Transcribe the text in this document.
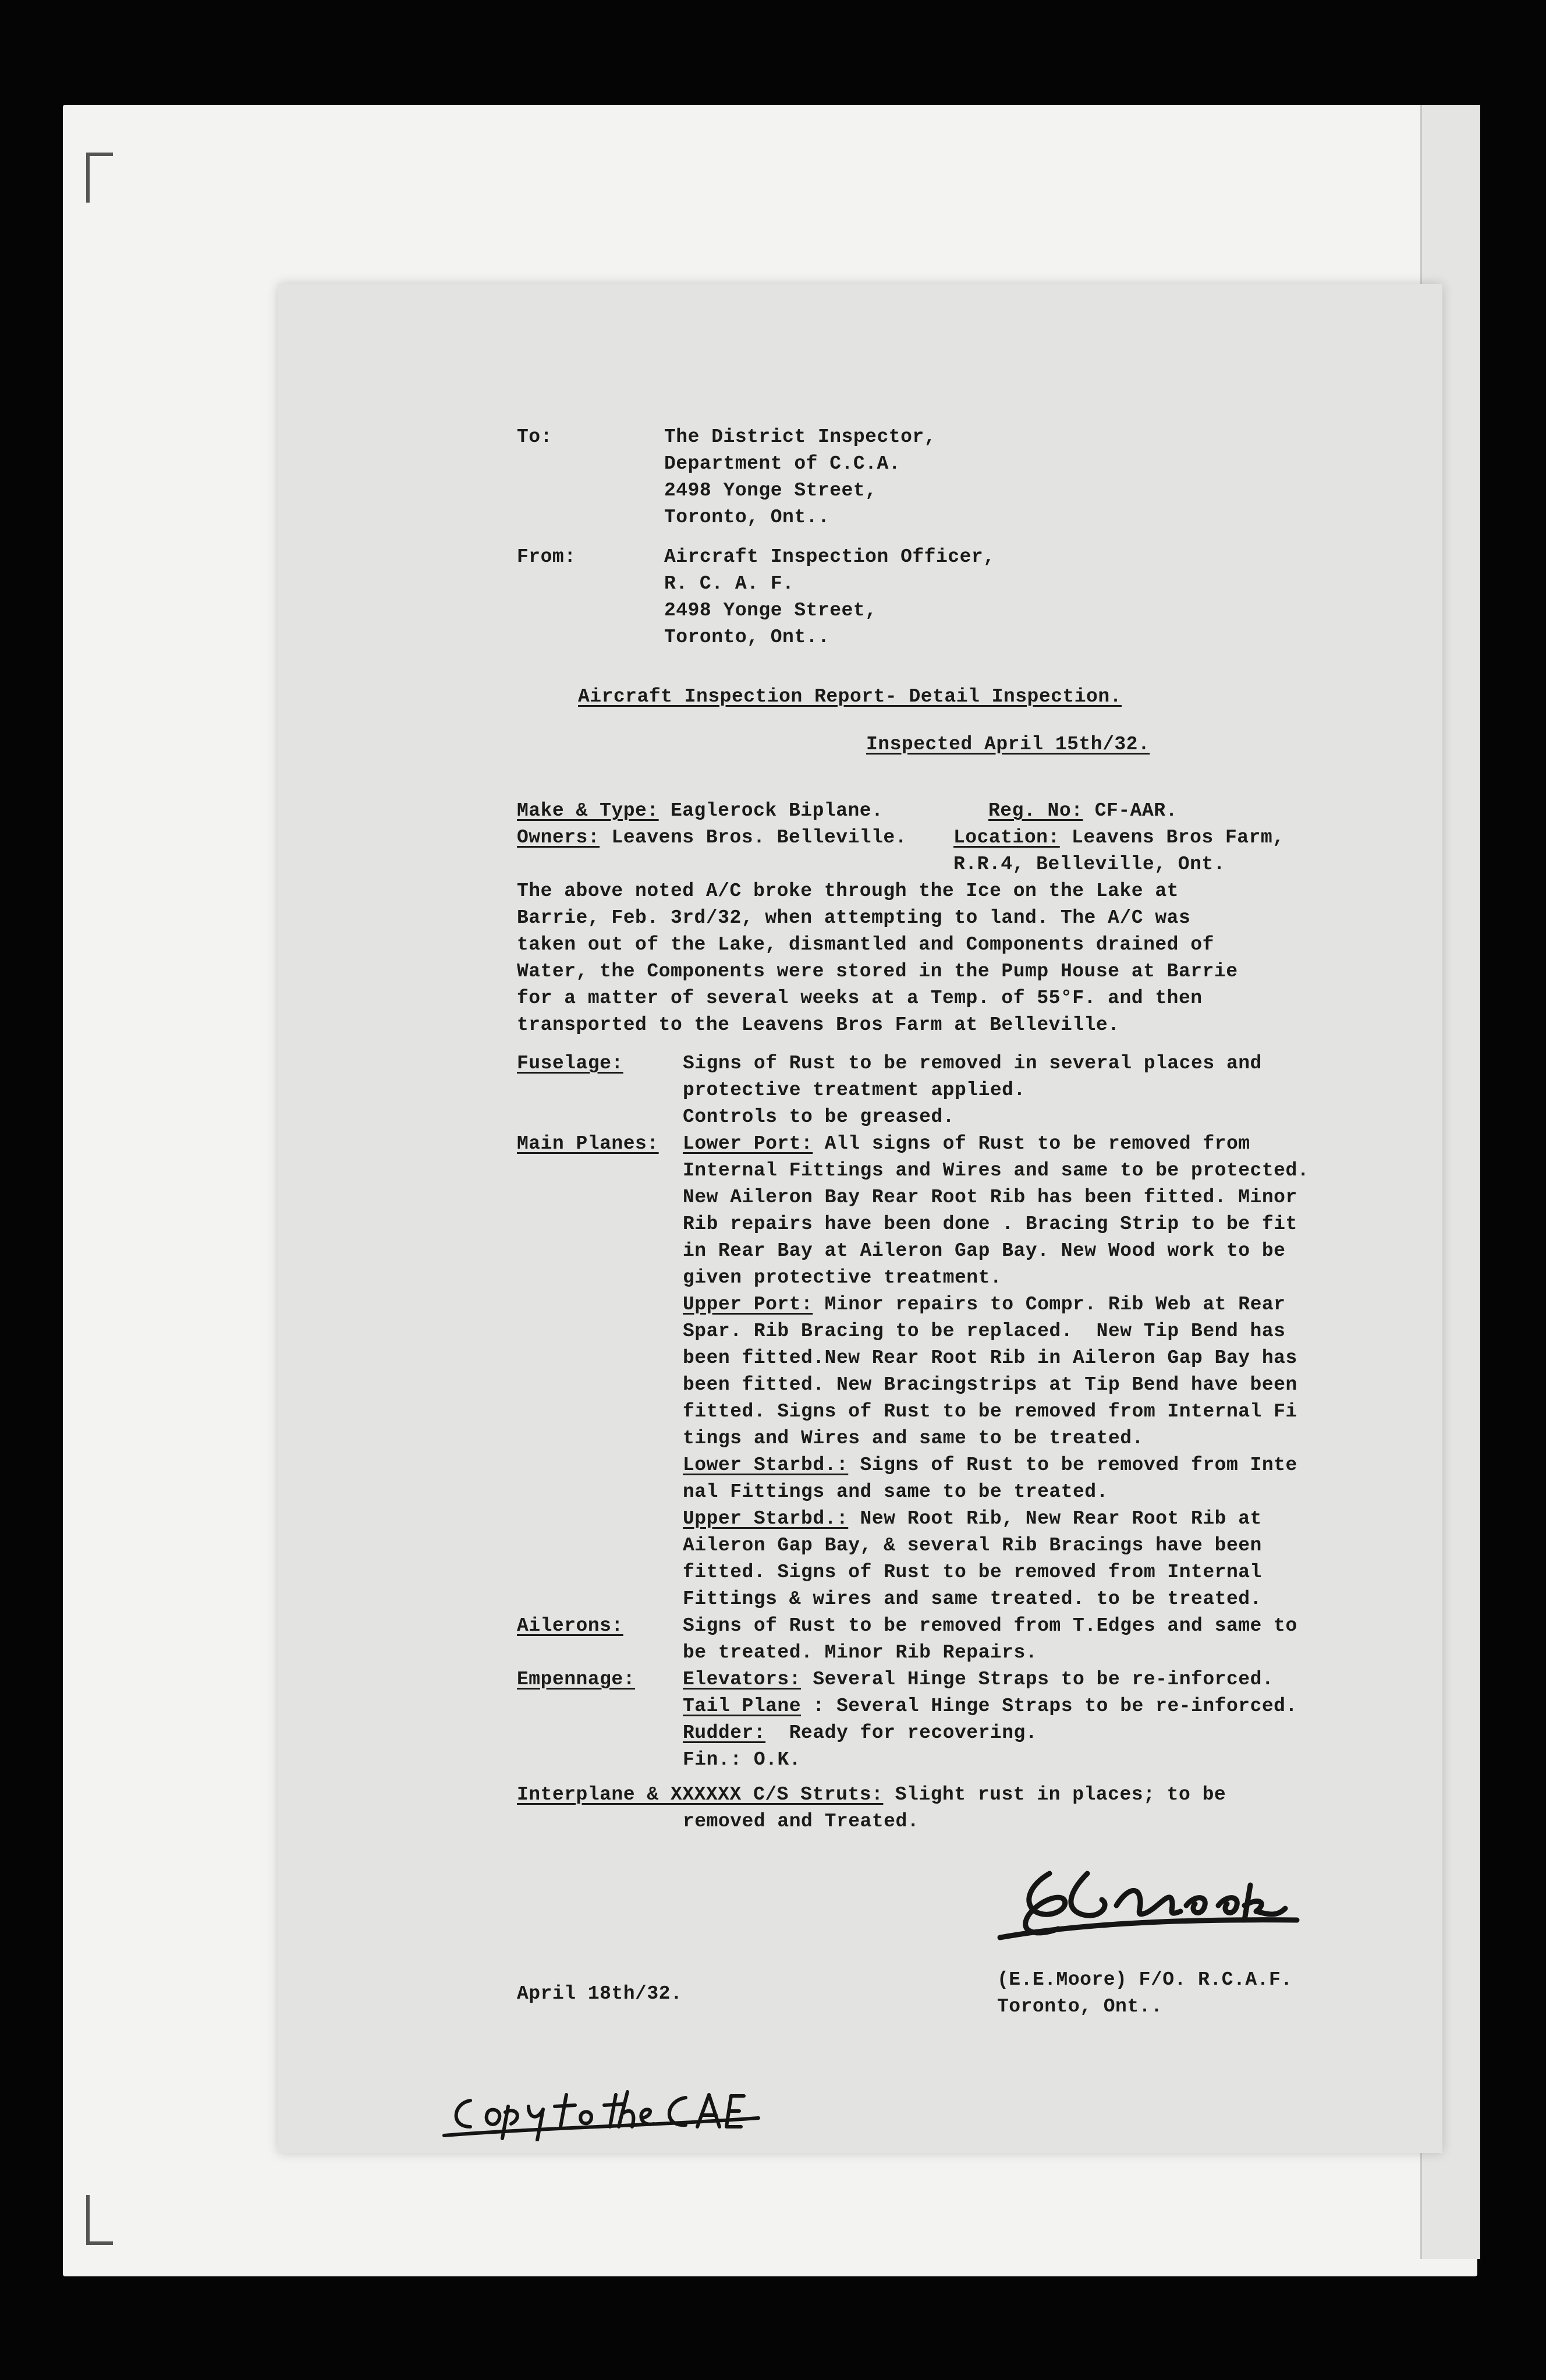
To:	The District Inspector,
Department of C.C.A.
2498 Yonge Street,
Toronto, Ont..
From:	Aircraft Inspection Officer,
R. C. A. F.
2498 Yonge Street,
Toronto, Ont..
Aircraft Inspection Report- Detail Inspection.
Inspected April 15th/32.
Make & Type: Eaglerock Biplane.	Reg. No: CF-AAR.
Owners: Leavens Bros. Belleville. Location: Leavens Bros Farm,
R.R.4, Belleville, Ont.
The above noted A/C broke through the Ice on the Lake at
Barrie, Feb. 3rd/32, when attempting to land. The A/C was
taken out of the Lake, dismantled and Components drained of
Water, the Components were stored in the Pump House at Barrie
for a matter of several weeks at a Temp. of 55°F. and then
transported to the Leavens Bros Farm at Belleville.
Fuselage:	Signs of Rust to be removed in several places and
protective treatment applied.
Controls to be greased.
Main Planes: Lower Port: All signs of Rust to be removed from
Internal Fittings and Wires and same to be protected.
New Aileron Bay Rear Root Rib has been fitted. Minor
Rib repairs have been done . Bracing Strip to be fit
in Rear Bay at Aileron Gap Bay. New Wood work to be
given protective treatment.
Upper Port: Minor repairs to Compr. Rib Web at Rear
Spar. Rib Bracing to be replaced.  New Tip Bend has
been fitted.New Rear Root Rib in Aileron Gap Bay has
been fitted. New Bracingstrips at Tip Bend have been
fitted. Signs of Rust to be removed from Internal Fi
tings and Wires and same to be treated.
Lower Starbd.: Signs of Rust to be removed from Inte
nal Fittings and same to be treated.
Upper Starbd.: New Root Rib, New Rear Root Rib at
Aileron Gap Bay, & several Rib Bracings have been
fitted. Signs of Rust to be removed from Internal
Fittings & wires and same treated. to be treated.
Ailerons:	Signs of Rust to be removed from T.Edges and same to
be treated. Minor Rib Repairs.
Empennage: Elevators: Several Hinge Straps to be re-inforced.
Tail Plane : Several Hinge Straps to be re-inforced.
Rudder:  Ready for recovering.
Fin.: O.K.
Interplane & XXXXXX C/S Struts: Slight rust in places; to be
removed and Treated.
(E.E.Moore) F/O. R.C.A.F.
Toronto, Ont..
April 18th/32.
